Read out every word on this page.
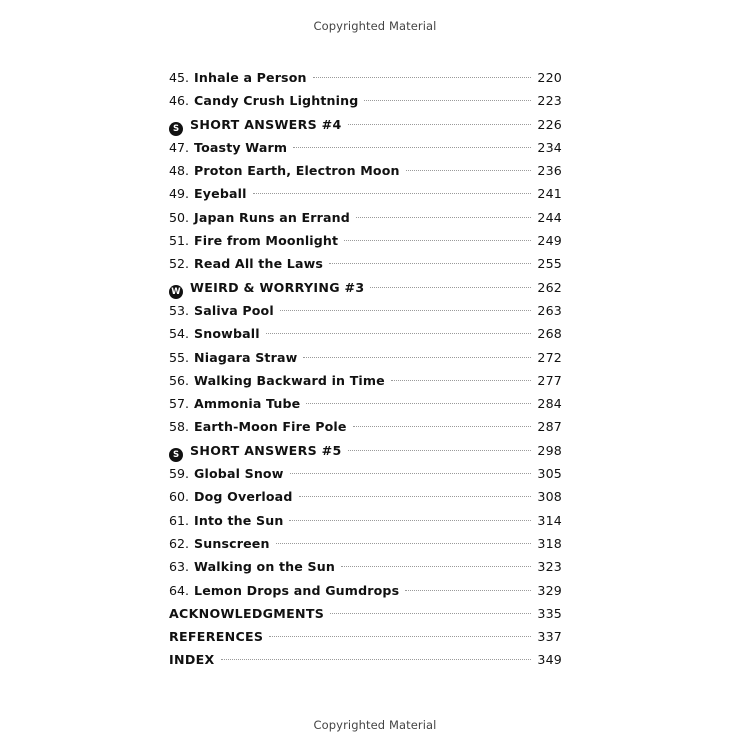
Copyrighted Material
45. Inhale a Person	220
46. Candy Crush Lightning	223
S SHORT ANSWERS #4	226
47. Toasty Warm	234
48. Proton Earth, Electron Moon	236
49. Eyeball	241
50. Japan Runs an Errand	244
51. Fire from Moonlight	249
52. Read All the Laws	255
W WEIRD & WORRYING #3	262
53. Saliva Pool	263
54. Snowball	268
55. Niagara Straw	272
56. Walking Backward in Time	277
57. Ammonia Tube	284
58. Earth-Moon Fire Pole	287
S SHORT ANSWERS #5	298
59. Global Snow	305
60. Dog Overload	308
61. Into the Sun	314
62. Sunscreen	318
63. Walking on the Sun	323
64. Lemon Drops and Gumdrops	329
ACKNOWLEDGMENTS	335
REFERENCES	337
INDEX	349
Copyrighted Material
